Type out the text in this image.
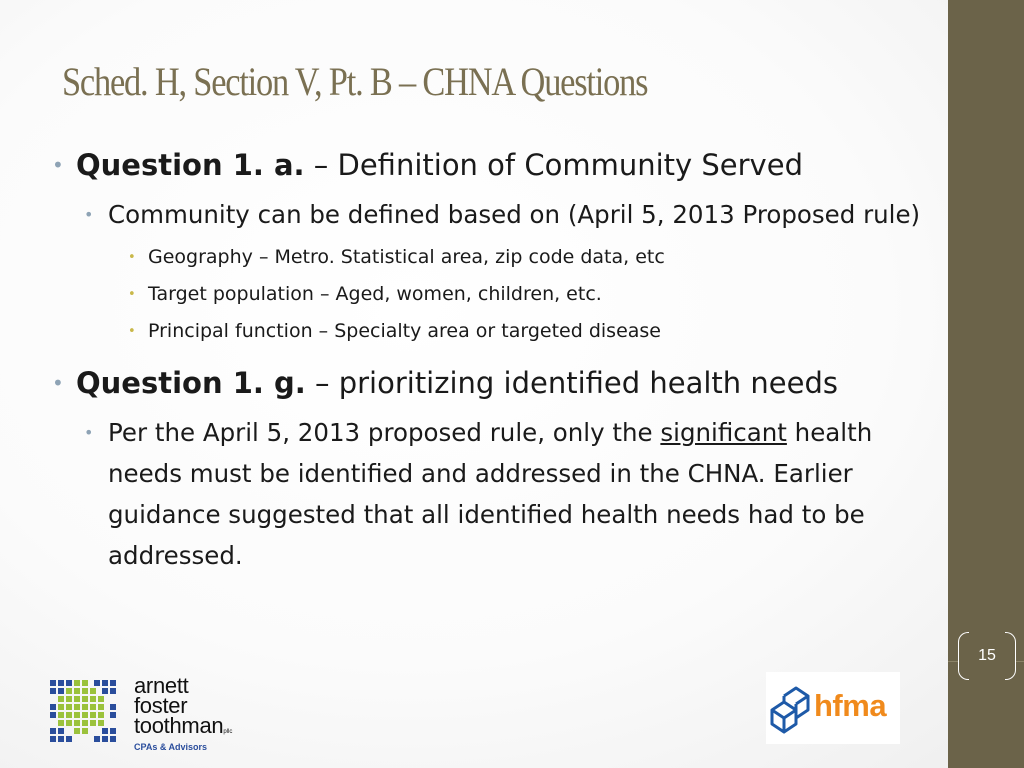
15
Sched. H, Section V, Pt. B – CHNA Questions
• Question 1. a. – Definition of Community Served
• Community can be defined based on (April 5, 2013 Proposed rule)
• Geography – Metro. Statistical area, zip code data, etc
• Target population – Aged, women, children, etc.
• Principal function – Specialty area or targeted disease
• Question 1. g. – prioritizing identified health needs
• Per the April 5, 2013 proposed rule, only the significant health needs must be identified and addressed in the CHNA. Earlier guidance suggested that all identified health needs had to be addressed.
arnett
foster
toothmanpllc
CPAs & Advisors
hfma
